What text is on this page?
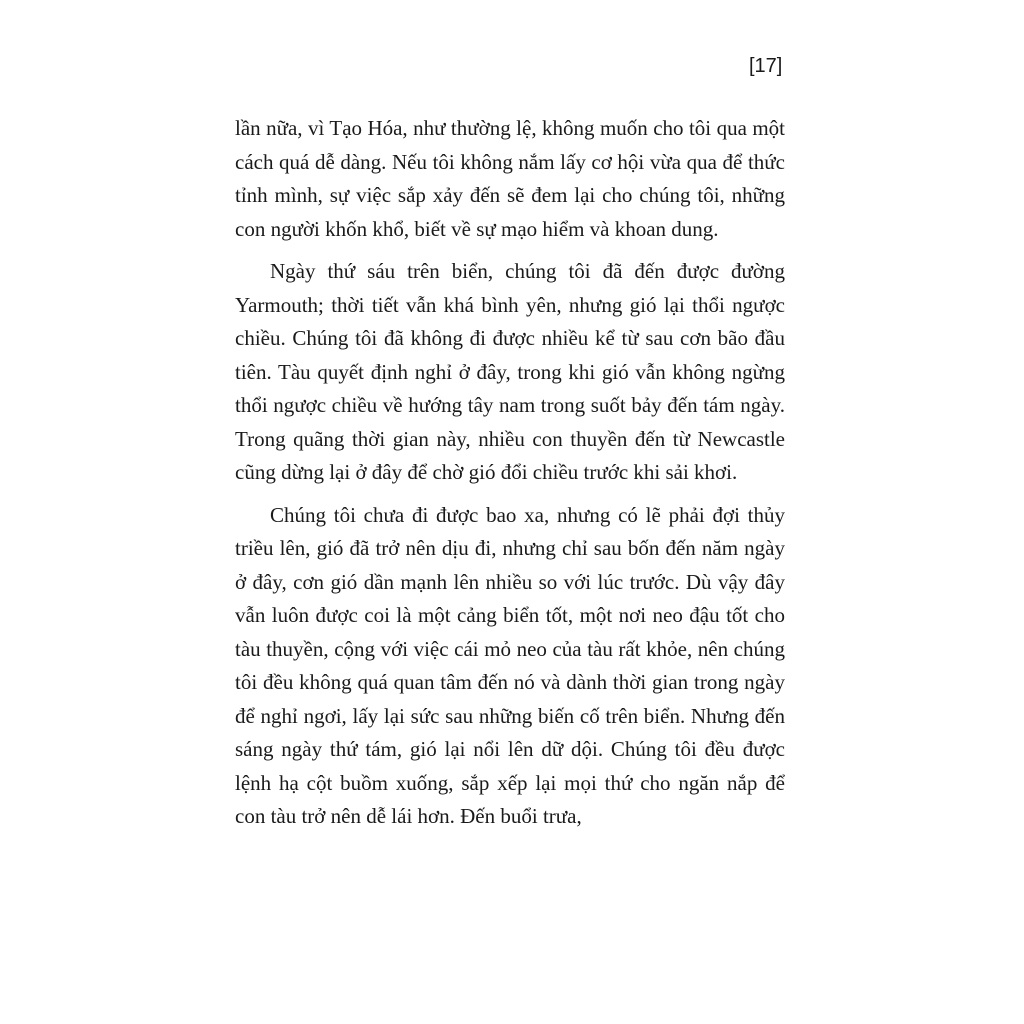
[17]

lần nữa, vì Tạo Hóa, như thường lệ, không muốn cho tôi qua một cách quá dễ dàng. Nếu tôi không nắm lấy cơ hội vừa qua để thức tỉnh mình, sự việc sắp xảy đến sẽ đem lại cho chúng tôi, những con người khốn khổ, biết về sự mạo hiểm và khoan dung.

Ngày thứ sáu trên biển, chúng tôi đã đến được đường Yarmouth; thời tiết vẫn khá bình yên, nhưng gió lại thổi ngược chiều. Chúng tôi đã không đi được nhiều kể từ sau cơn bão đầu tiên. Tàu quyết định nghỉ ở đây, trong khi gió vẫn không ngừng thổi ngược chiều về hướng tây nam trong suốt bảy đến tám ngày. Trong quãng thời gian này, nhiều con thuyền đến từ Newcastle cũng dừng lại ở đây để chờ gió đổi chiều trước khi sải khơi.

Chúng tôi chưa đi được bao xa, nhưng có lẽ phải đợi thủy triều lên, gió đã trở nên dịu đi, nhưng chỉ sau bốn đến năm ngày ở đây, cơn gió dần mạnh lên nhiều so với lúc trước. Dù vậy đây vẫn luôn được coi là một cảng biển tốt, một nơi neo đậu tốt cho tàu thuyền, cộng với việc cái mỏ neo của tàu rất khỏe, nên chúng tôi đều không quá quan tâm đến nó và dành thời gian trong ngày để nghỉ ngơi, lấy lại sức sau những biến cố trên biển. Nhưng đến sáng ngày thứ tám, gió lại nổi lên dữ dội. Chúng tôi đều được lệnh hạ cột buồm xuống, sắp xếp lại mọi thứ cho ngăn nắp để con tàu trở nên dễ lái hơn. Đến buổi trưa,
